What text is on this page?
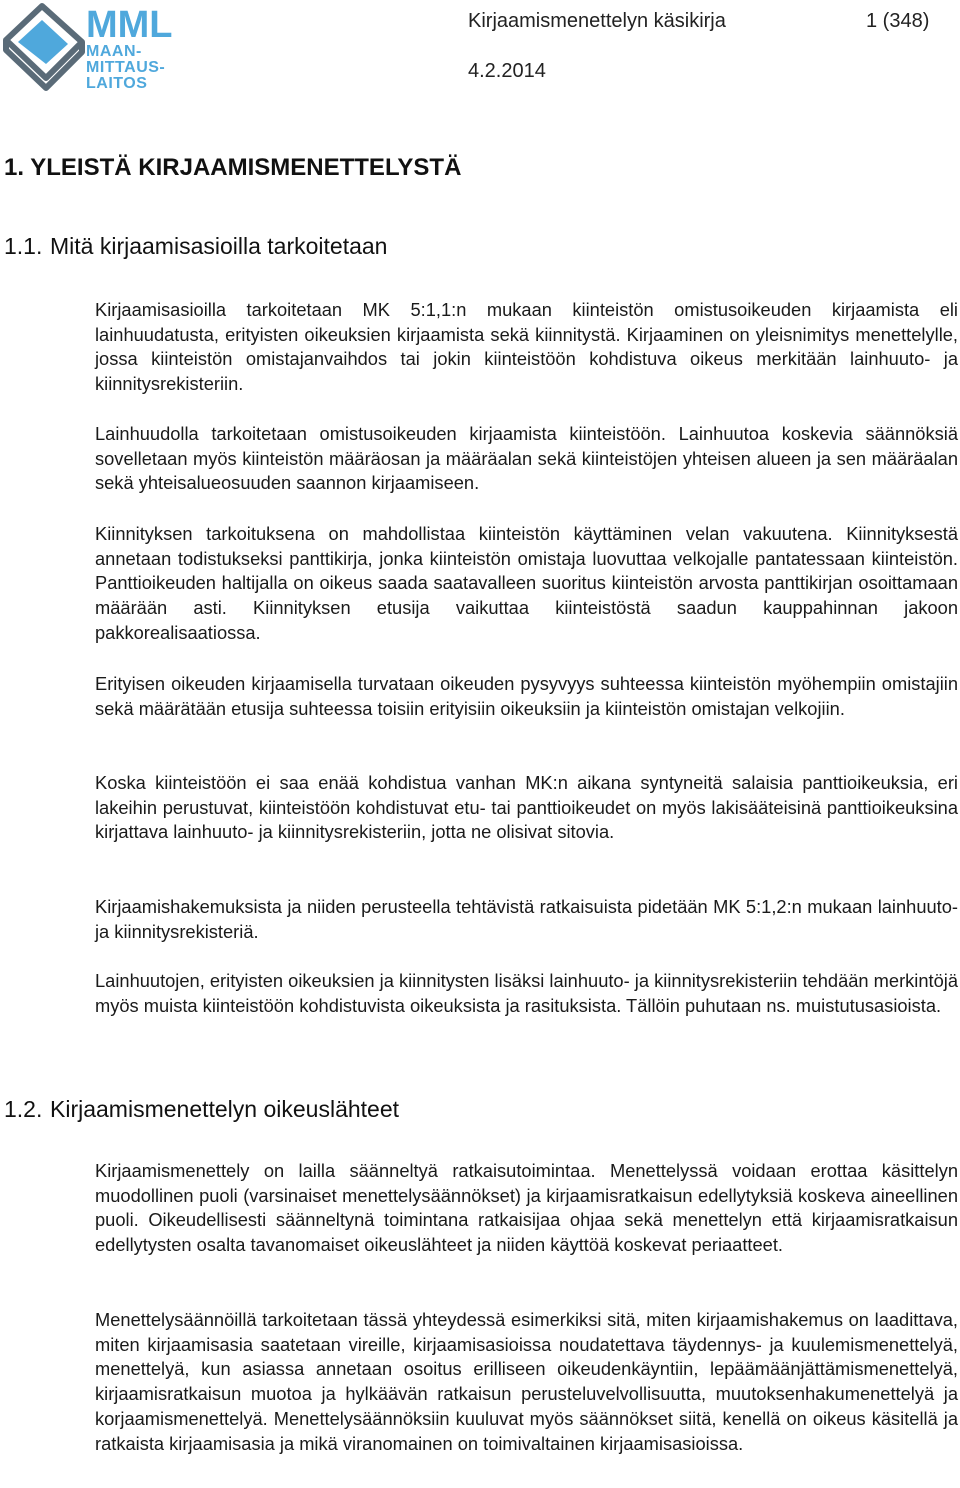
MML
MAAN-
MITTAUS-
LAITOS
Kirjaamismenettelyn käsikirja	1 (348)
4.2.2014
1. YLEISTÄ KIRJAAMISMENETTELYSTÄ
1.1. Mitä kirjaamisasioilla tarkoitetaan

Kirjaamisasioilla tarkoitetaan MK 5:1,1:n mukaan kiinteistön omistusoikeuden kirjaamista eli lainhuudatusta, erityisten oikeuksien kirjaamista sekä kiinnitystä. Kirjaaminen on yleisnimitys menettelylle, jossa kiinteistön omistajanvaihdos tai jokin kiinteistöön kohdistuva oikeus merkitään lainhuuto- ja kiinnitysrekisteriin.

Lainhuudolla tarkoitetaan omistusoikeuden kirjaamista kiinteistöön. Lainhuutoa koskevia säännöksiä sovelletaan myös kiinteistön määräosan ja määräalan sekä kiinteistöjen yhteisen alueen ja sen määräalan sekä yhteisalueosuuden saannon kirjaamiseen.

Kiinnityksen tarkoituksena on mahdollistaa kiinteistön käyttäminen velan vakuutena. Kiinnityksestä annetaan todistukseksi panttikirja, jonka kiinteistön omistaja luovuttaa velkojalle pantatessaan kiinteistön. Panttioikeuden haltijalla on oikeus saada saatavalleen suoritus kiinteistön arvosta panttikirjan osoittamaan määrään asti. Kiinnityksen etusija vaikuttaa kiinteistöstä saadun kauppahinnan jakoon pakkorealisaatiossa.

Erityisen oikeuden kirjaamisella turvataan oikeuden pysyvyys suhteessa kiinteistön myöhempiin omistajiin sekä määrätään etusija suhteessa toisiin erityisiin oikeuksiin ja kiinteistön omistajan velkojiin.

Koska kiinteistöön ei saa enää kohdistua vanhan MK:n aikana syntyneitä salaisia panttioikeuksia, eri lakeihin perustuvat, kiinteistöön kohdistuvat etu- tai panttioikeudet on myös lakisääteisinä panttioikeuksina kirjattava lainhuuto- ja kiinnitysrekisteriin, jotta ne olisivat sitovia.

Kirjaamishakemuksista ja niiden perusteella tehtävistä ratkaisuista pidetään MK 5:1,2:n mukaan lainhuuto- ja kiinnitysrekisteriä.

Lainhuutojen, erityisten oikeuksien ja kiinnitysten lisäksi lainhuuto- ja kiinnitysrekisteriin tehdään merkintöjä myös muista kiinteistöön kohdistuvista oikeuksista ja rasituksista. Tällöin puhutaan ns. muistutusasioista.

1.2. Kirjaamismenettelyn oikeuslähteet

Kirjaamismenettely on lailla säänneltyä ratkaisutoimintaa. Menettelyssä voidaan erottaa käsittelyn muodollinen puoli (varsinaiset menettelysäännökset) ja kirjaamisratkaisun edellytyksiä koskeva aineellinen puoli. Oikeudellisesti säänneltynä toimintana ratkaisijaa ohjaa sekä menettelyn että kirjaamisratkaisun edellytysten osalta tavanomaiset oikeuslähteet ja niiden käyttöä koskevat periaatteet.

Menettelysäännöillä tarkoitetaan tässä yhteydessä esimerkiksi sitä, miten kirjaamishakemus on laadittava, miten kirjaamisasia saatetaan vireille, kirjaamisasioissa noudatettava täydennys- ja kuulemismenettelyä, menettelyä, kun asiassa annetaan osoitus erilliseen oikeudenkäyntiin, lepäämäänjättämismenettelyä, kirjaamisratkaisun muotoa ja hylkäävän ratkaisun perusteluvelvollisuutta, muutoksenhakumenettelyä ja korjaamismenettelyä. Menettelysäännöksiin kuuluvat myös säännökset siitä, kenellä on oikeus käsitellä ja ratkaista kirjaamisasia ja mikä viranomainen on toimivaltainen kirjaamisasioissa.
